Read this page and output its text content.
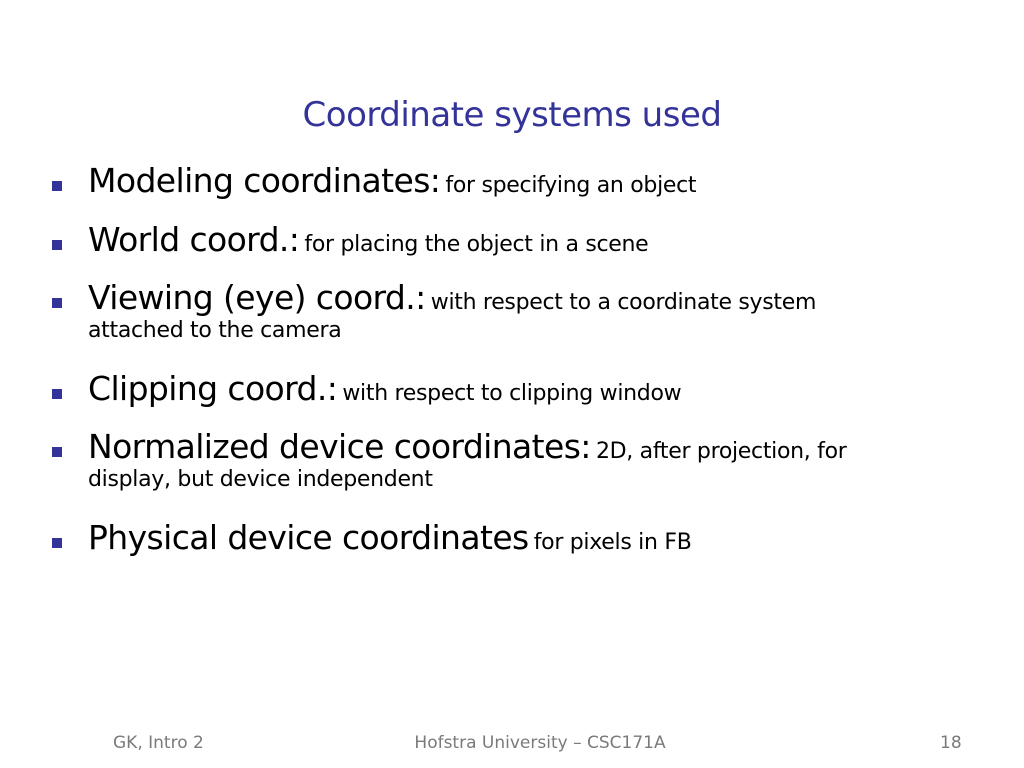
Coordinate systems used
Modeling coordinates: for specifying an object
World coord.: for placing the object in a scene
Viewing (eye) coord.: with respect to a coordinate system
attached to the camera
Clipping coord.: with respect to clipping window
Normalized device coordinates: 2D, after projection, for
display, but device independent
Physical device coordinates for pixels in FB
GK, Intro 2	Hofstra University – CSC171A	18
